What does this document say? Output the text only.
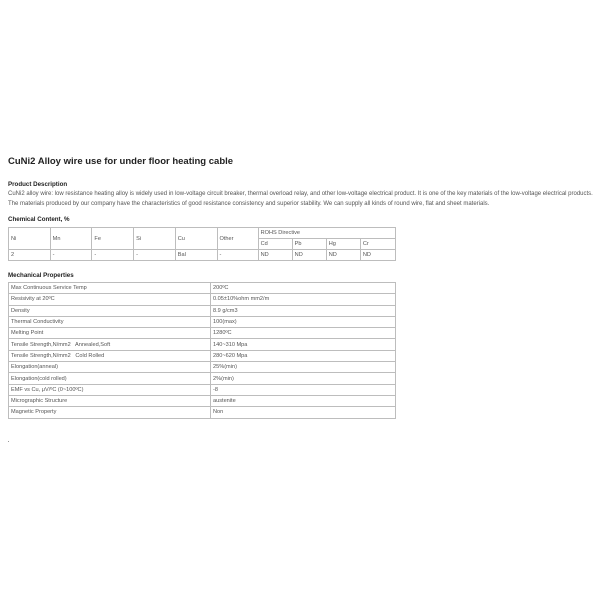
CuNi2 Alloy wire use for under floor heating cable

Product Description

CuNi2 alloy wire: low resistance heating alloy is widely used in low-voltage circuit breaker, thermal overload relay, and other low-voltage electrical product. It is one of the key materials of the low-voltage electrical products. The materials produced by our company have the characteristics of good resistance consistency and superior stability. We can supply all kinds of round wire, flat and sheet materials.

Chemical Content, %

Ni	Mn	Fe	Si	Cu	Other	ROHS Directive			
						Cd	Pb	Hg	Cr
2	-	-	-	Bal	-	ND	ND	ND	ND

Mechanical Properties

Max Continuous Service Temp	200ºC
Resisivity at 20ºC	0.05±10%ohm mm2/m
Density	8.9 g/cm3
Thermal Conductivity	100(max)
Melting Point	1280ºC
Tensile Strength,N/mm2   Annealed,Soft	140~310 Mpa
Tensile Strength,N/mm2   Cold Rolled	280~620 Mpa
Elongation(anneal)	25%(min)
Elongation(cold rolled)	2%(min)
EMF vs Cu, μV/ºC (0~100ºC)	-8
Micrographic Structure	austenite
Magnetic Property	Non
